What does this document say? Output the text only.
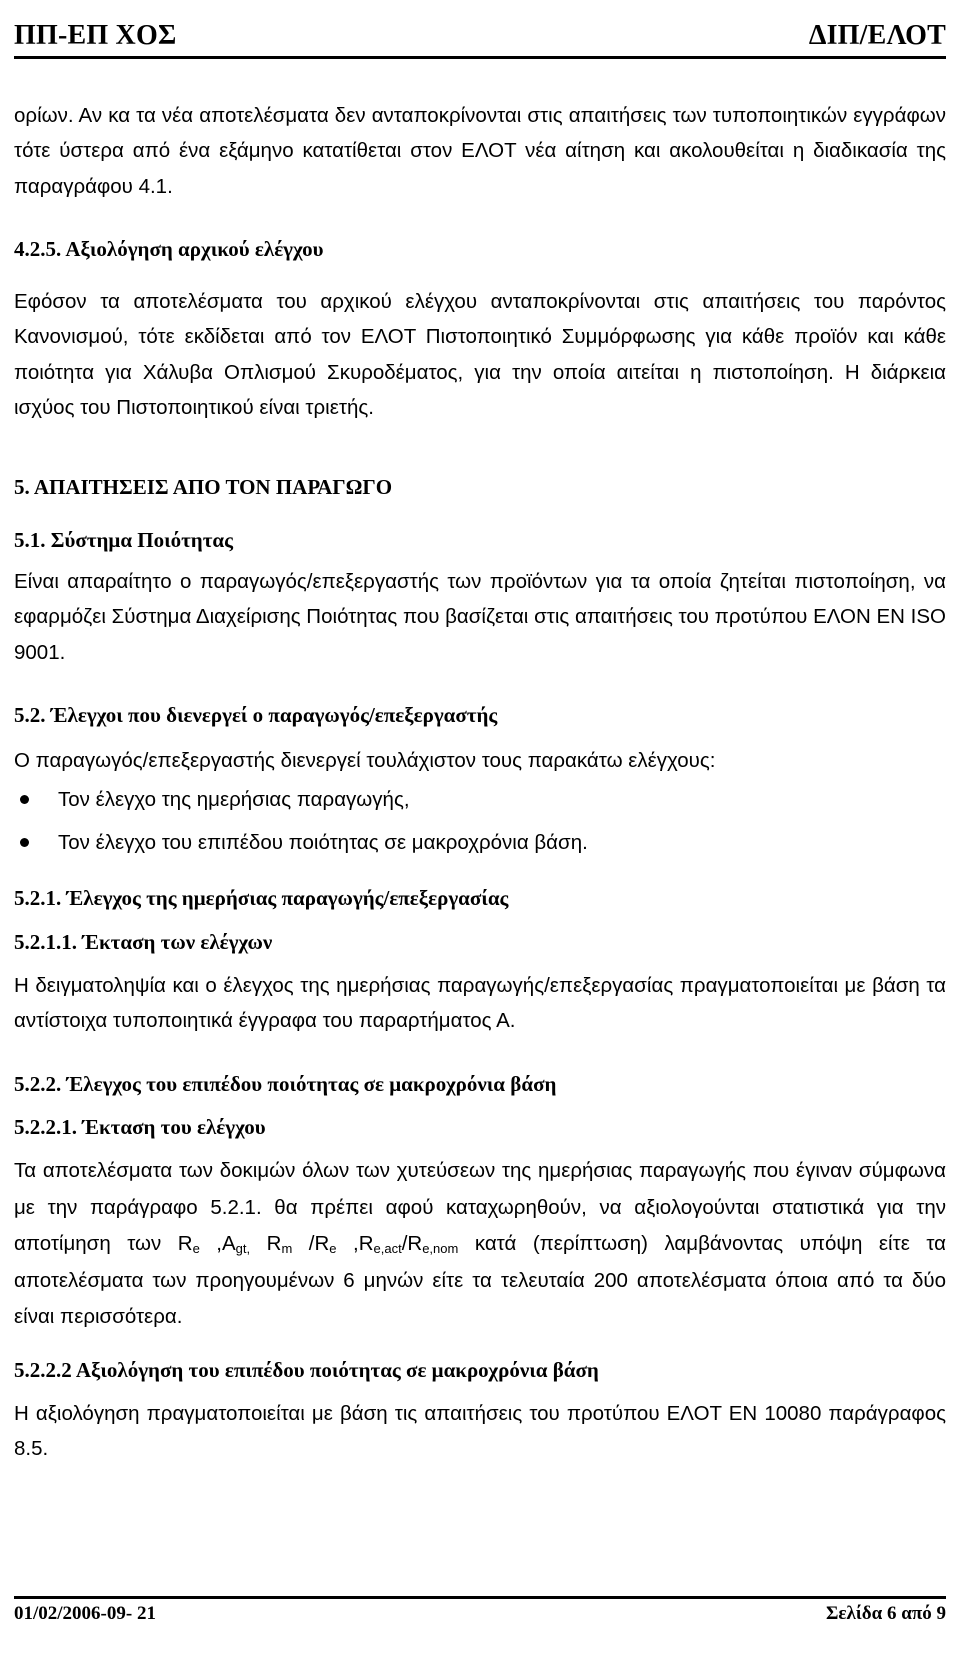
ΠΠ-ΕΠ ΧΟΣ	ΔΙΠ/ΕΛΟΤ

ορίων. Αν κα τα νέα αποτελέσματα δεν ανταποκρίνονται στις απαιτήσεις των τυποποιητικών εγγράφων τότε ύστερα από ένα εξάμηνο κατατίθεται στον ΕΛΟΤ νέα αίτηση και ακολουθείται η διαδικασία της παραγράφου 4.1.

4.2.5. Αξιολόγηση αρχικού ελέγχου

Εφόσον τα αποτελέσματα του αρχικού ελέγχου ανταποκρίνονται στις απαιτήσεις του παρόντος Κανονισμού, τότε εκδίδεται από τον ΕΛΟΤ Πιστοποιητικό Συμμόρφωσης για κάθε προϊόν και κάθε ποιότητα για Χάλυβα Οπλισμού Σκυροδέματος, για την οποία αιτείται η πιστοποίηση. Η διάρκεια ισχύος του Πιστοποιητικού είναι τριετής.

5. ΑΠΑΙΤΗΣΕΙΣ ΑΠΟ ΤΟΝ ΠΑΡΑΓΩΓΟ
5.1. Σύστημα Ποιότητας

Είναι απαραίτητο ο παραγωγός/επεξεργαστής των προϊόντων για τα οποία ζητείται πιστοποίηση, να εφαρμόζει Σύστημα Διαχείρισης Ποιότητας που βασίζεται στις απαιτήσεις του προτύπου ΕΛΟΝ EN ISO 9001.

5.2. Έλεγχοι που διενεργεί ο παραγωγός/επεξεργαστής

Ο παραγωγός/επεξεργαστής διενεργεί τουλάχιστον τους παρακάτω ελέγχους:

Τον έλεγχο της ημερήσιας παραγωγής,
Τον έλεγχο του επιπέδου ποιότητας σε μακροχρόνια βάση.
5.2.1. Έλεγχος της ημερήσιας παραγωγής/επεξεργασίας
5.2.1.1. Έκταση των ελέγχων

Η δειγματοληψία και ο έλεγχος της ημερήσιας παραγωγής/επεξεργασίας πραγματοποιείται με βάση τα αντίστοιχα τυποποιητικά έγγραφα του παραρτήματος Α.

5.2.2. Έλεγχος του επιπέδου ποιότητας σε μακροχρόνια βάση
5.2.2.1. Έκταση του ελέγχου

Τα αποτελέσματα των δοκιμών όλων των χυτεύσεων της ημερήσιας παραγωγής που έγιναν σύμφωνα με την παράγραφο 5.2.1. θα πρέπει αφού καταχωρηθούν, να αξιολογούνται στατιστικά για την αποτίμηση των $R_e$ $,A_{gt,}$ $R_m$ $/R_e$ $,R_{e,act}/R_{e,nom}$ κατά (περίπτωση) λαμβάνοντας υπόψη είτε τα αποτελέσματα των προηγουμένων 6 μηνών είτε τα τελευταία 200 αποτελέσματα όποια από τα δύο είναι περισσότερα.

5.2.2.2 Αξιολόγηση του επιπέδου ποιότητας σε μακροχρόνια βάση

Η αξιολόγηση πραγματοποιείται με βάση τις απαιτήσεις του προτύπου ΕΛΟΤ EN 10080 παράγραφος 8.5.

01/02/2006-09- 21	Σελίδα 6 από 9
